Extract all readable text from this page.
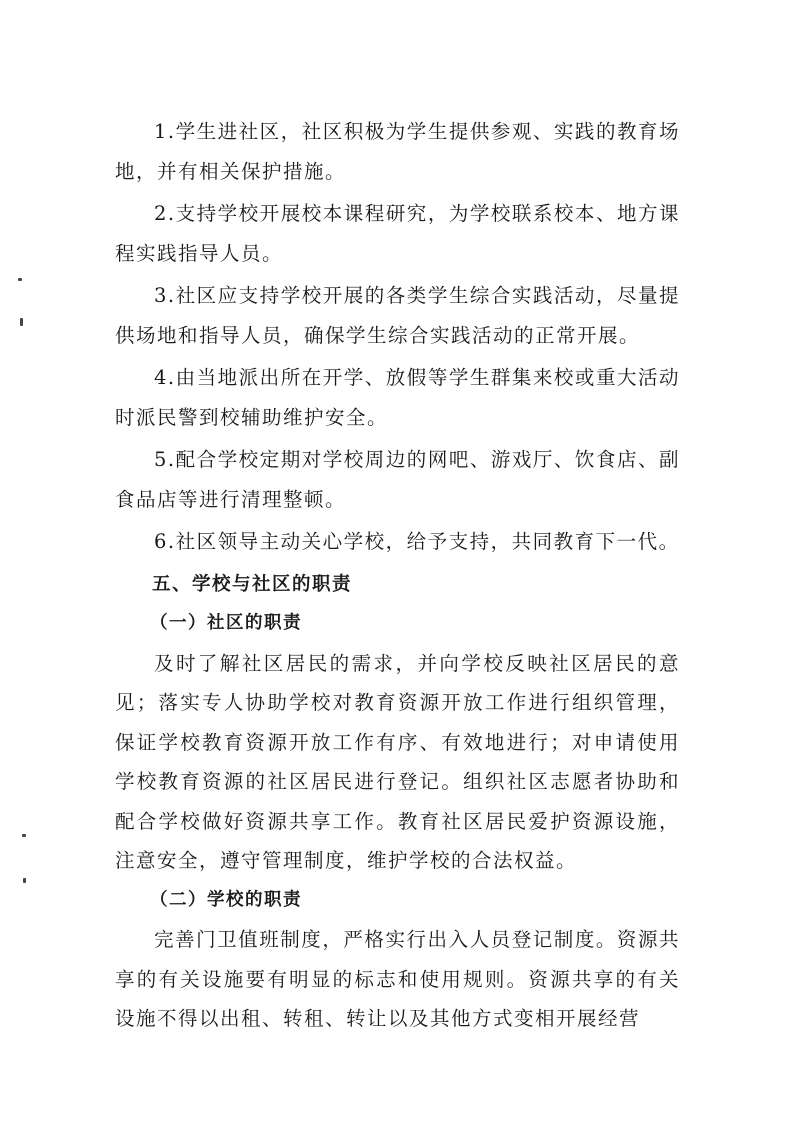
1.学生进社区，社区积极为学生提供参观、实践的教育场地，并有相关保护措施。

2.支持学校开展校本课程研究，为学校联系校本、地方课程实践指导人员。

3.社区应支持学校开展的各类学生综合实践活动，尽量提供场地和指导人员，确保学生综合实践活动的正常开展。

4.由当地派出所在开学、放假等学生群集来校或重大活动时派民警到校辅助维护安全。

5.配合学校定期对学校周边的网吧、游戏厅、饮食店、副食品店等进行清理整顿。

6.社区领导主动关心学校，给予支持，共同教育下一代。

五、学校与社区的职责

（一）社区的职责

及时了解社区居民的需求，并向学校反映社区居民的意见；落实专人协助学校对教育资源开放工作进行组织管理，保证学校教育资源开放工作有序、有效地进行；对申请使用学校教育资源的社区居民进行登记。组织社区志愿者协助和配合学校做好资源共享工作。教育社区居民爱护资源设施，注意安全，遵守管理制度，维护学校的合法权益。

（二）学校的职责

完善门卫值班制度，严格实行出入人员登记制度。资源共享的有关设施要有明显的标志和使用规则。资源共享的有关设施不得以出租、转租、转让以及其他方式变相开展经营
